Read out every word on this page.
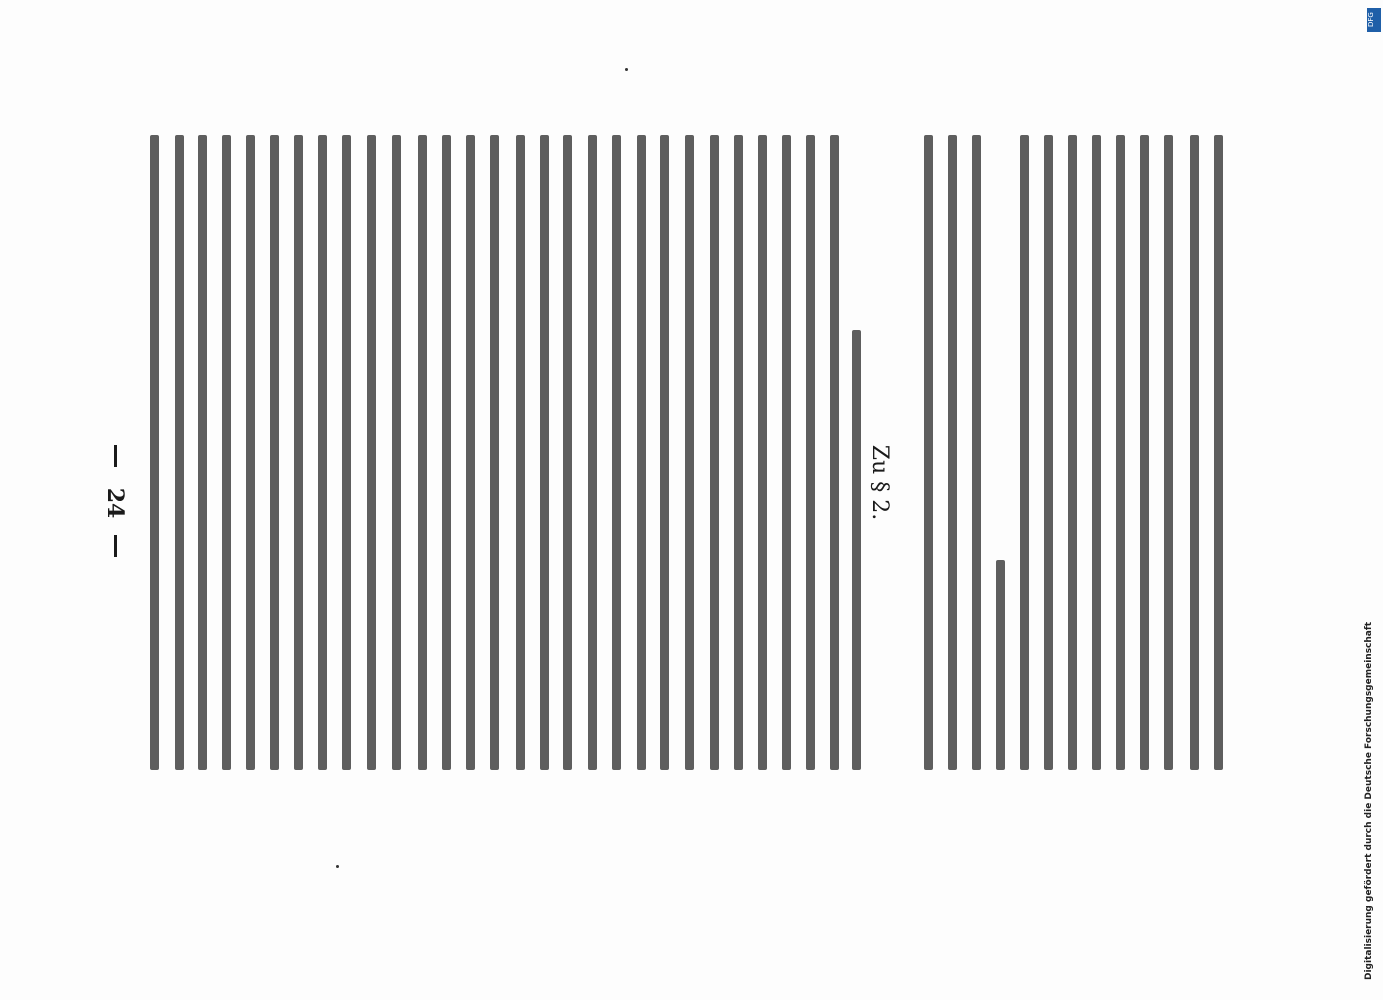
24	Zu § 2.
DFG
Digitalisierung gefördert durch die Deutsche Forschungsgemeinschaft
